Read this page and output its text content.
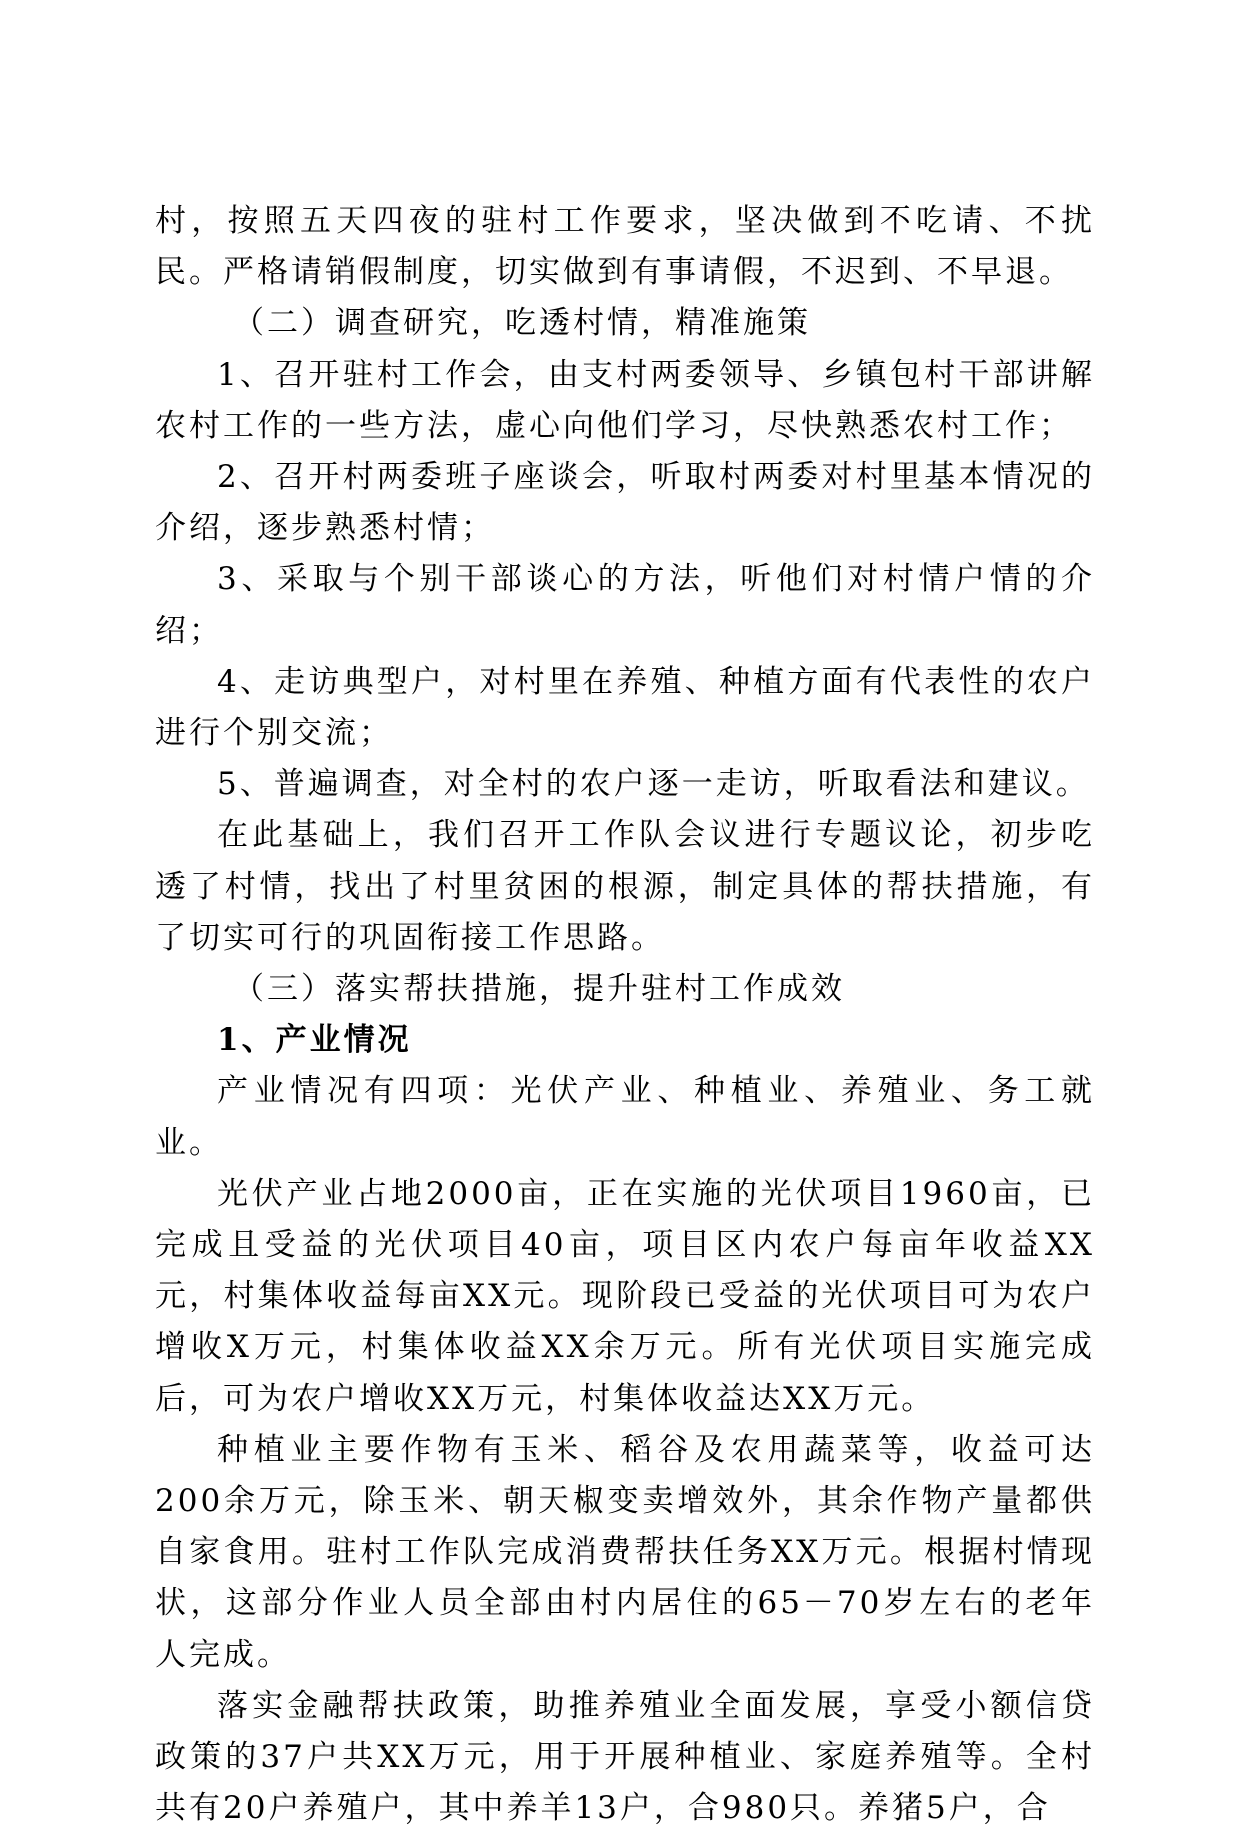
村，按照五天四夜的驻村工作要求，坚决做到不吃请、不扰民。严格请销假制度，切实做到有事请假，不迟到、不早退。

（二）调查研究，吃透村情，精准施策

1、召开驻村工作会，由支村两委领导、乡镇包村干部讲解农村工作的一些方法，虚心向他们学习，尽快熟悉农村工作；

2、召开村两委班子座谈会，听取村两委对村里基本情况的介绍，逐步熟悉村情；

3、采取与个别干部谈心的方法，听他们对村情户情的介绍；

4、走访典型户，对村里在养殖、种植方面有代表性的农户进行个别交流；

5、普遍调查，对全村的农户逐一走访，听取看法和建议。

在此基础上，我们召开工作队会议进行专题议论，初步吃透了村情，找出了村里贫困的根源，制定具体的帮扶措施，有了切实可行的巩固衔接工作思路。

（三）落实帮扶措施，提升驻村工作成效

1、产业情况

产业情况有四项：光伏产业、种植业、养殖业、务工就业。

光伏产业占地2000亩，正在实施的光伏项目1960亩，已完成且受益的光伏项目40亩，项目区内农户每亩年收益XX元，村集体收益每亩XX元。现阶段已受益的光伏项目可为农户增收X万元，村集体收益XX余万元。所有光伏项目实施完成后，可为农户增收XX万元，村集体收益达XX万元。

种植业主要作物有玉米、稻谷及农用蔬菜等，收益可达200余万元，除玉米、朝天椒变卖增效外，其余作物产量都供自家食用。驻村工作队完成消费帮扶任务XX万元。根据村情现状，这部分作业人员全部由村内居住的65－70岁左右的老年人完成。

落实金融帮扶政策，助推养殖业全面发展，享受小额信贷政策的37户共XX万元，用于开展种植业、家庭养殖等。全村共有20户养殖户，其中养羊13户，合980只。养猪5户，合
